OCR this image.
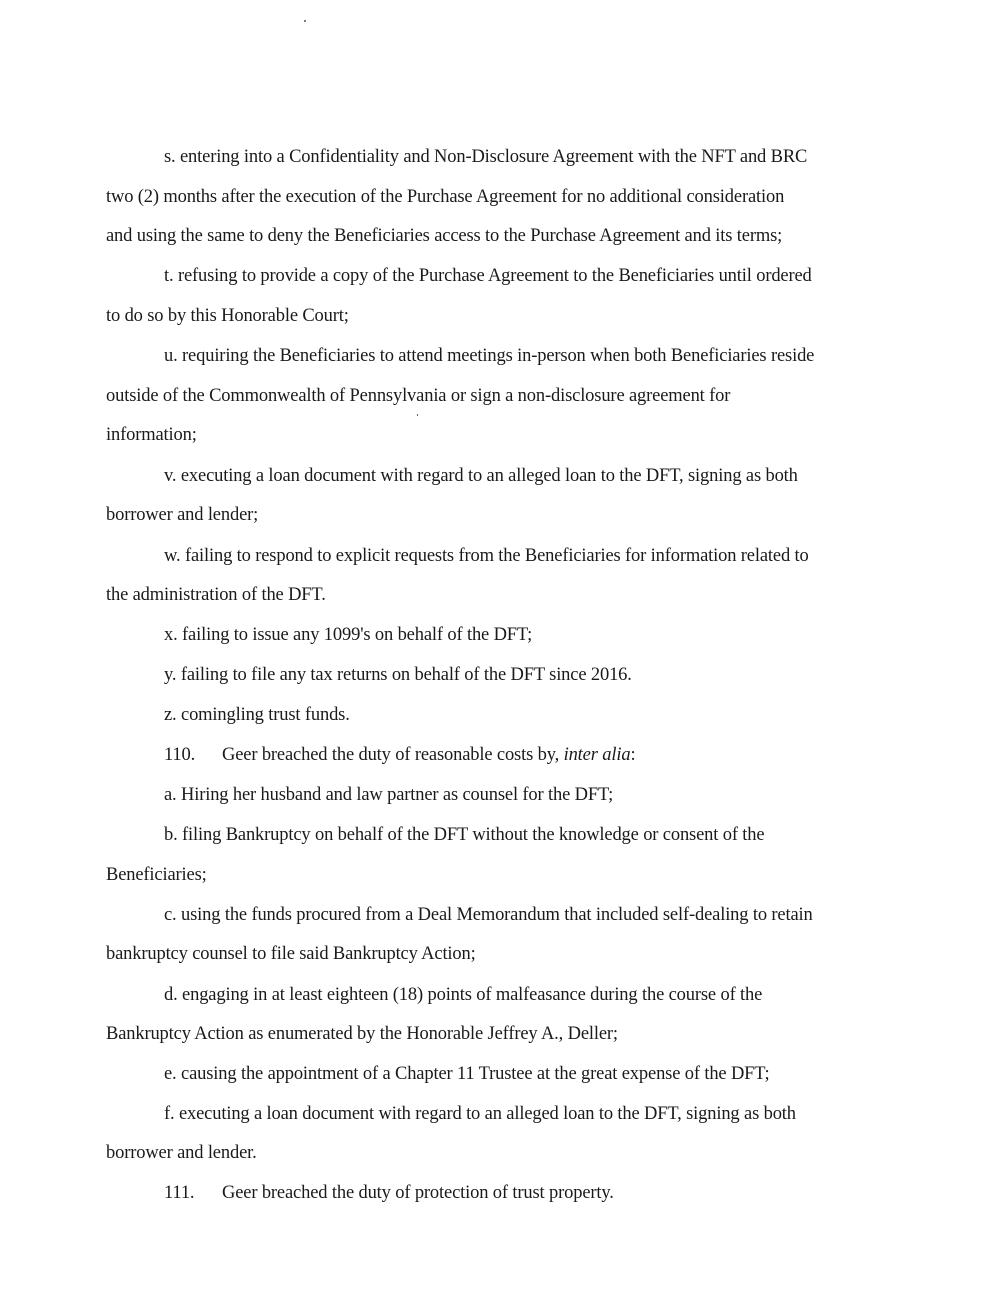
s. entering into a Confidentiality and Non-Disclosure Agreement with the NFT and BRC
two (2) months after the execution of the Purchase Agreement for no additional consideration
and using the same to deny the Beneficiaries access to the Purchase Agreement and its terms;
t. refusing to provide a copy of the Purchase Agreement to the Beneficiaries until ordered
to do so by this Honorable Court;
u. requiring the Beneficiaries to attend meetings in-person when both Beneficiaries reside
outside of the Commonwealth of Pennsylvania or sign a non-disclosure agreement for
information;
v. executing a loan document with regard to an alleged loan to the DFT, signing as both
borrower and lender;
w. failing to respond to explicit requests from the Beneficiaries for information related to
the administration of the DFT.
x. failing to issue any 1099's on behalf of the DFT;
y. failing to file any tax returns on behalf of the DFT since 2016.
z. comingling trust funds.
110. Geer breached the duty of reasonable costs by, inter alia:
a. Hiring her husband and law partner as counsel for the DFT;
b. filing Bankruptcy on behalf of the DFT without the knowledge or consent of the
Beneficiaries;
c. using the funds procured from a Deal Memorandum that included self-dealing to retain
bankruptcy counsel to file said Bankruptcy Action;
d. engaging in at least eighteen (18) points of malfeasance during the course of the
Bankruptcy Action as enumerated by the Honorable Jeffrey A., Deller;
e. causing the appointment of a Chapter 11 Trustee at the great expense of the DFT;
f. executing a loan document with regard to an alleged loan to the DFT, signing as both
borrower and lender.
111. Geer breached the duty of protection of trust property.
